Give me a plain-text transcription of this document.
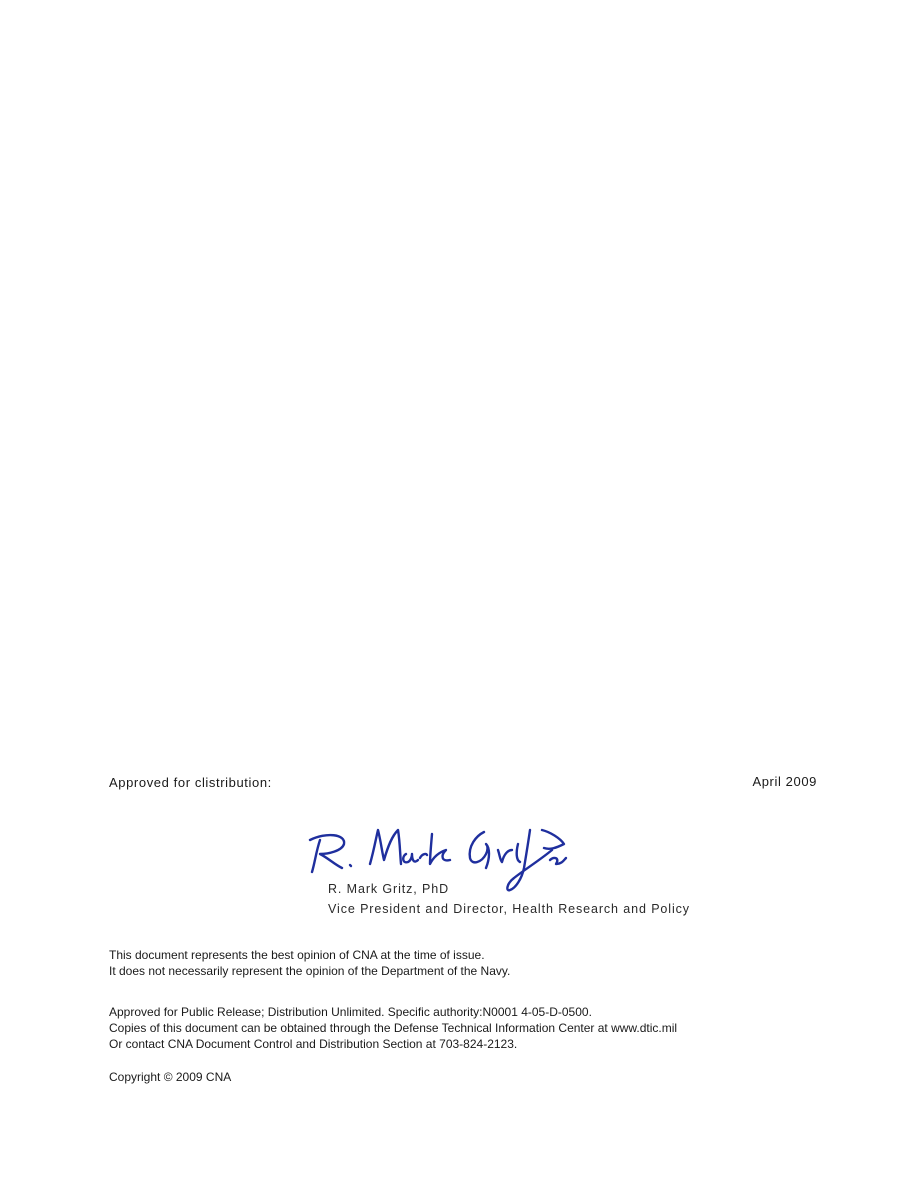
Approved for clistribution:	April 2009
R. Mark Gritz, PhD
Vice President and Director, Health Research and Policy
This document represents the best opinion of CNA at the time of issue.
It does not necessarily represent the opinion of the Department of the Navy.
Approved for Public Release; Distribution Unlimited. Specific authority:N0001 4-05-D-0500.
Copies of this document can be obtained through the Defense Technical Information Center at www.dtic.mil
Or contact CNA Document Control and Distribution Section at 703-824-2123.
Copyright © 2009 CNA
